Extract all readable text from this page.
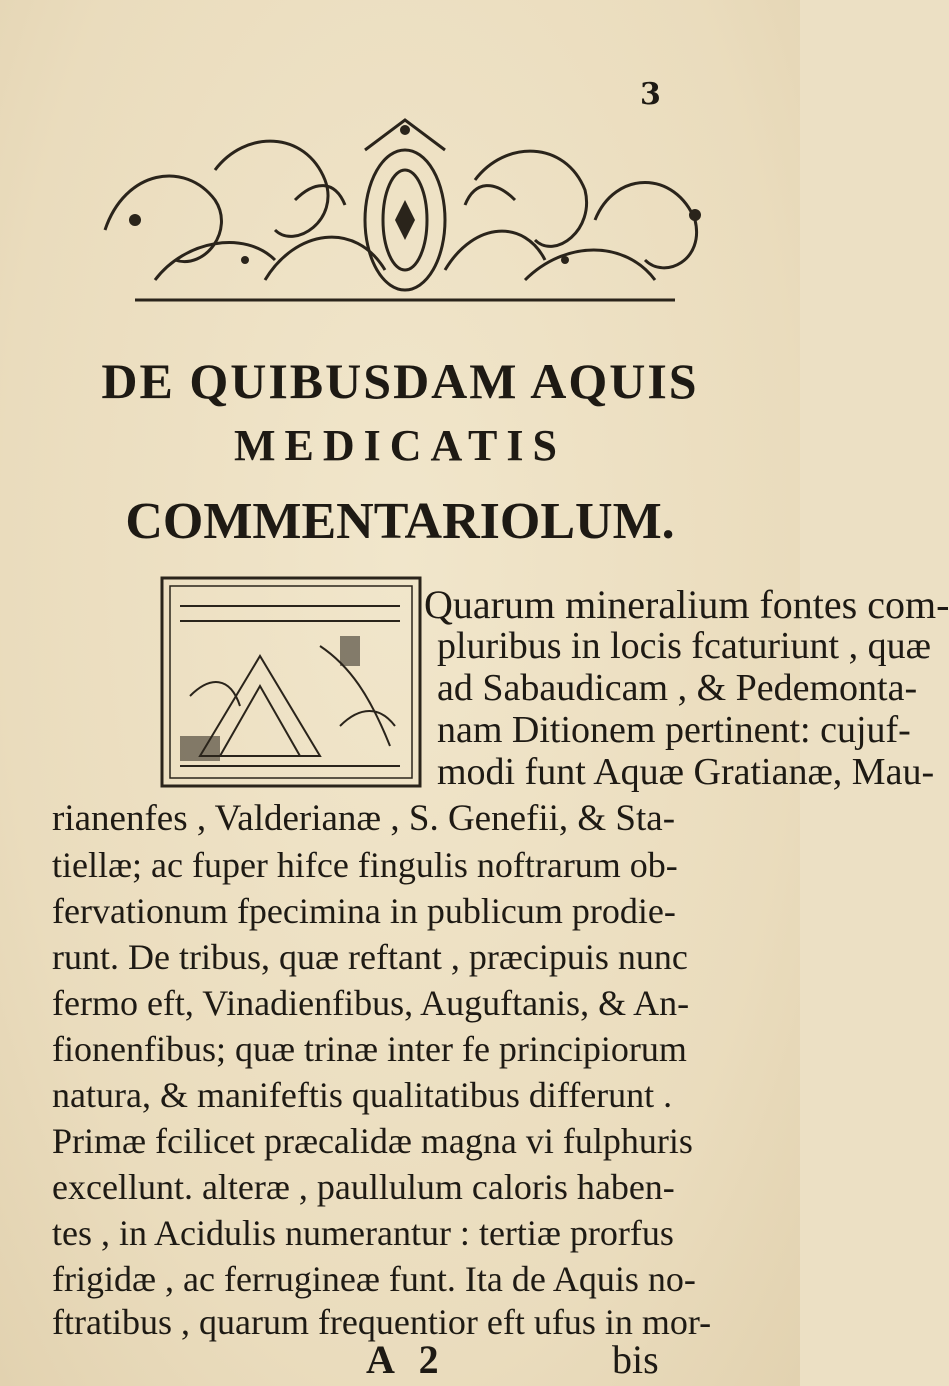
3
DE QUIBUSDAM AQUIS
MEDICATIS
COMMENTARIOLUM.
Quarum mineralium fontes com-
pluribus in locis fcaturiunt , quæ
ad Sabaudicam , & Pedemonta-
nam Ditionem pertinent: cujuf-
modi funt Aquæ Gratianæ, Mau-
rianenfes , Valderianæ , S. Genefii, & Sta-
tiellæ; ac fuper hifce fingulis noftrarum ob-
fervationum fpecimina in publicum prodie-
runt. De tribus, quæ reftant , præcipuis nunc
fermo eft, Vinadienfibus, Auguftanis, & An-
fionenfibus; quæ trinæ inter fe principiorum
natura, & manifeftis qualitatibus differunt .
Primæ fcilicet præcalidæ magna vi fulphuris
excellunt. alteræ , paullulum caloris haben-
tes , in Acidulis numerantur : tertiæ prorfus
frigidæ , ac ferrugineæ funt. Ita de Aquis no-
ftratibus , quarum frequentior eft ufus in mor-
A 2	bis
